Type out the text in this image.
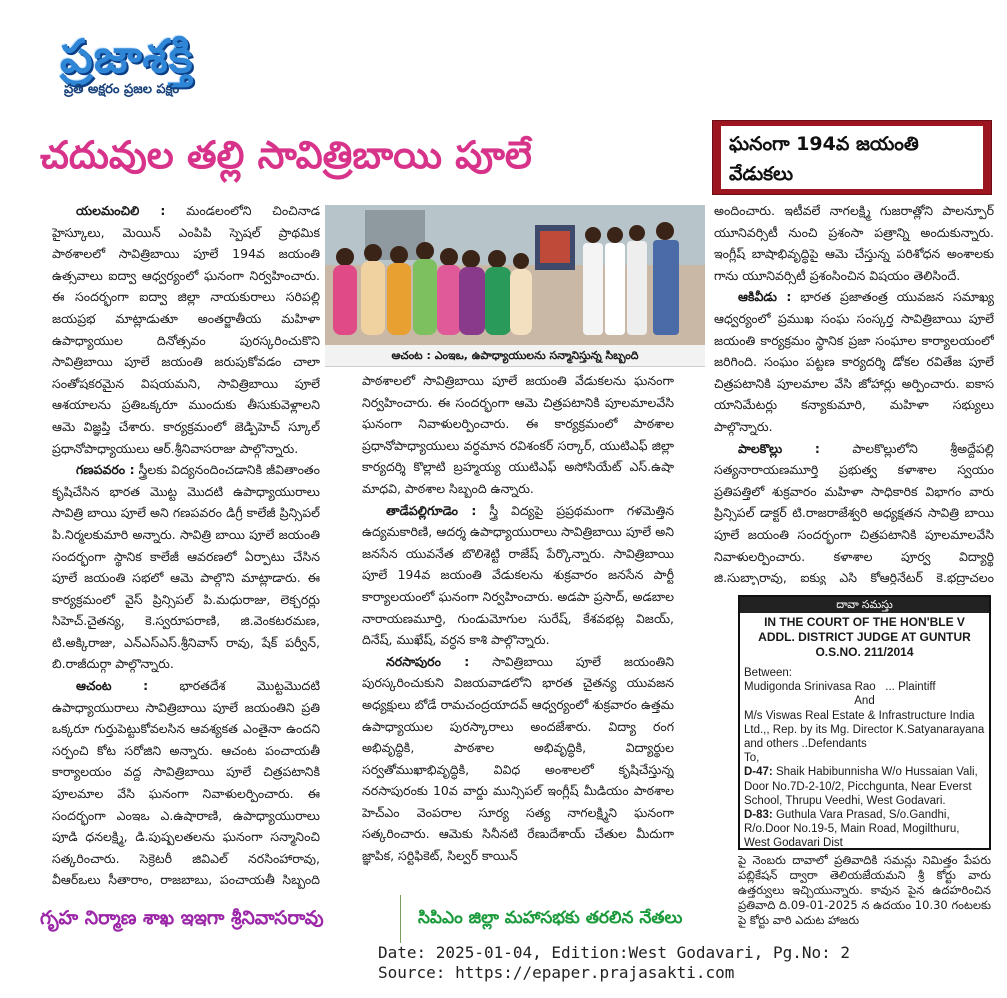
ప్రజాశక్తి
ప్రతి అక్షరం ప్రజల పక్షం
చదువుల తల్లి సావిత్రిబాయి పూలే	ఘనంగా 194వ జయంతి వేడుకలు
ఆచంట : ఎంఇఒ, ఉపాధ్యాయులను సన్మానిస్తున్న సిబ్బంది

యలమంచిలి : మండలంలోని చించినాడ హైస్కూలు, మెయిన్ ఎంపిపి స్పెషల్ ప్రాథమిక పాఠశాలలో సావిత్రిబాయి పూలే 194వ జయంతి ఉత్సవాలు ఐద్వా ఆధ్వర్యంలో ఘనంగా నిర్వహించారు. ఈ సందర్భంగా ఐద్వా జిల్లా నాయకురాలు సరిపల్లి జయప్రభ మాట్లాడుతూ అంతర్జాతీయ మహిళా ఉపాధ్యాయుల దినోత్సవం పురస్కరించుకొని సావిత్రిబాయి పూలే జయంతి జరుపుకోవడం చాలా సంతోషకరమైన విషయమని, సావిత్రిబాయి పూలే ఆశయాలను ప్రతిఒక్కరూ ముందుకు తీసుకువెళ్లాలని ఆమె విజ్ఞప్తి చేశారు. కార్యక్రమంలో జెడ్పిహెచ్ స్కూల్ ప్రధానోపాధ్యాయులు ఆర్.శ్రీనివాసరాజు పాల్గొన్నారు.

గణపవరం : స్త్రీలకు విద్యనందించడానికి జీవితాంతం కృషిచేసిన భారత మొట్ట మొదటి ఉపాధ్యాయురాలు సావిత్రి బాయి పూలే అని గణపవరం డిగ్రీ కాలేజీ ప్రిన్సిపల్ పి.నిర్మలకుమారి అన్నారు. సావిత్రి బాయి పూలే జయంతి సందర్భంగా స్థానిక కాలేజీ ఆవరణలో ఏర్పాటు చేసిన పూలే జయంతి సభలో ఆమె పాల్గొని మాట్లాడారు. ఈ కార్యక్రమంలో వైస్ ప్రిన్సిపల్ పి.మధురాజు, లెక్చరర్లు సిహెచ్.చైతన్య, కె.స్వరూపరాణి, జి.వెంకటరమణ, టి.అక్కిరాజు, ఎన్ఎస్ఎస్.శ్రీనివాస్ రావు, షేక్ పర్వీన్, బి.రాజీదుర్గా పాల్గొన్నారు.

ఆచంట : భారతదేశ మొట్టమొదటి ఉపాధ్యాయురాలు సావిత్రిబాయి పూలే జయంతిని ప్రతి ఒక్కరూ గుర్తుపెట్టుకోవలసిన ఆవశ్యకత ఎంతైనా ఉందని సర్పంచి కోట సరోజిని అన్నారు. ఆచంట పంచాయతీ కార్యాలయం వద్ద సావిత్రిబాయి పూలే చిత్రపటానికి పూలమాల వేసి ఘనంగా నివాళులర్పించారు. ఈ సందర్భంగా ఎంఇఒ ఎ.ఉషారాణి, ఉపాధ్యాయురాలు పూడి ధనలక్ష్మి, డి.పుష్పలతలను ఘనంగా సన్మానించి సత్కరించారు. సెక్రెటరీ జివిఎల్ నరసింహారావు, వీఆర్ఒలు సీతారాం, రాజబాబు, పంచాయతీ సిబ్బంది

పాఠశాలలో సావిత్రిబాయి పూలే జయంతి వేడుకలను ఘనంగా నిర్వహించారు. ఈ సందర్భంగా ఆమె చిత్రపటానికి పూలమాలవేసి ఘనంగా నివాళులర్పించారు. ఈ కార్యక్రమంలో పాఠశాల ప్రధానోపాధ్యాయులు వర్ధమాన రవిశంకర్ సర్కార్, యుటిఎఫ్ జిల్లా కార్యదర్శి కొల్లాటి బ్రహ్మయ్య యుటిఎఫ్ అసోసియేట్ ఎస్.ఉషా మాధవి, పాఠశాల సిబ్బంది ఉన్నారు.

తాడేపల్లిగూడెం : స్త్రీ విద్యపై ప్రప్రథమంగా గళమెత్తిన ఉద్యమకారిణి, ఆదర్శ ఉపాధ్యాయురాలు సావిత్రిబాయి పూలే అని జనసేన యువనేత బొలిశెట్టి రాజేష్ పేర్కొన్నారు. సావిత్రిబాయి పూలే 194వ జయంతి వేడుకలను శుక్రవారం జనసేన పార్టీ కార్యాలయంలో ఘనంగా నిర్వహించారు. అడపా ప్రసాద్, అడబాల నారాయణమూర్తి, గుండుమోగుల సురేష్, కేశవభట్ల విజయ్, దినేష్, ముఖేష్, వర్ధన కాశి పాల్గొన్నారు.

నరసాపురం : సావిత్రిబాయి పూలే జయంతిని పురస్కరించుకుని విజయవాడలోని భారత చైతన్య యువజన అధ్యక్షులు బోడే రామచంద్రయాదవ్ ఆధ్వర్యంలో శుక్రవారం ఉత్తమ ఉపాధ్యాయుల పురస్కారాలు అందజేశారు. విద్యా రంగ అభివృద్ధికి, పాఠశాల అభివృద్ధికి, విద్యార్థుల సర్వతోముఖాభివృద్ధికి, వివిధ అంశాలలో కృషిచేస్తున్న నరసాపురంకు 10వ వార్డు మున్సిపల్ ఇంగ్లీష్ మీడియం పాఠశాల హెచ్ఎం వెంపరాల సూర్య సత్య నాగలక్ష్మిని ఘనంగా సత్కరించారు. ఆమెకు సినీనటి రేణుదేశాయ్ చేతుల మీదుగా జ్ఞాపిక, సర్టిఫికెట్, సిల్వర్ కాయిన్

అందించారు. ఇటీవలే నాగలక్ష్మి గుజరాత్లోని పాలన్పూర్ యూనివర్సిటీ నుంచి ప్రశంసా పత్రాన్ని అందుకున్నారు. ఇంగ్లీష్ బాషాభివృద్ధిపై ఆమె చేస్తున్న పరిశోధన అంశాలకు గాను యూనివర్సిటీ ప్రశంసించిన విషయం తెలిసిందే.

ఆకివీడు : భారత ప్రజాతంత్ర యువజన సమాఖ్య ఆధ్వర్యంలో ప్రముఖ సంఘ సంస్కర్త సావిత్రిబాయి పూలే జయంతి కార్యక్రమం స్థానిక ప్రజా సంఘాల కార్యాలయంలో జరిగింది. సంఘం పట్టణ కార్యదర్శి డోకల రవితేజ పూలే చిత్రపటానికి పూలమాల వేసి జోహార్లు అర్పించారు. ఐకాస యానిమేటర్లు కన్యాకుమారి, మహిళా సభ్యులు పాల్గొన్నారు.

పాలకొల్లు :	పాలకొల్లులోని శ్రీఅద్దేపల్లి సత్యనారాయణమూర్తి ప్రభుత్వ కళాశాల స్వయం ప్రతిపత్తిలో శుక్రవారం మహిళా సాధికారిక విభాగం వారు ప్రిన్సిపల్ డాక్టర్ టి.రాజరాజేశ్వరి అధ్యక్షతన సావిత్రి బాయి పూలే జయంతి సందర్భంగా చిత్రపటానికి పూలమాలవేసి నివాళులర్పించారు. కళాశాల పూర్వ విద్యార్థి జి.సుబ్బారావు, ఐక్యు ఎసి కోఆర్డినేటర్ కె.భద్రాచలం

దావా సమస్తు
IN THE COURT OF THE HON'BLE V
ADDL. DISTRICT JUDGE AT GUNTUR
O.S.NO. 211/2014
Between:
Mudigonda Srinivasa Rao ... Plaintiff
And
M/s Viswas Real Estate & Infrastructure India Ltd.,, Rep. by its Mg. Director K.Satyanarayana and others ..Defendants
To,
D-47: Shaik Habibunnisha W/o Hussaian Vali, Door No.7D-2-10/2, Picchgunta, Near Everst School, Thrupu Veedhi, West Godavari.
D-83: Guthula Vara Prasad, S/o.Gandhi, R/o.Door No.19-5, Main Road, Mogilthuru, West Godavari Dist
పై నెంబరు దావాలో ప్రతివాదికి సమన్లు నిమిత్తం పేపరు పబ్లికేషన్ ద్వారా తెలియజేయమని శ్రీ కోర్టు వారు ఉత్తర్వులు ఇచ్చియున్నారు. కావున పైన ఉదహరించిన ప్రతివాది ది.09-01-2025 న ఉదయం 10.30 గంటలకు పై కోర్టు వారి ఎదుట హాజరు
గృహ నిర్మాణ శాఖ ఇఇగా శ్రీనివాసరావు	సిపిఎం జిల్లా మహాసభకు తరలిన నేతలు
Date: 2025-01-04, Edition:West Godavari, Pg.No: 2
Source: https://epaper.prajasakti.com
